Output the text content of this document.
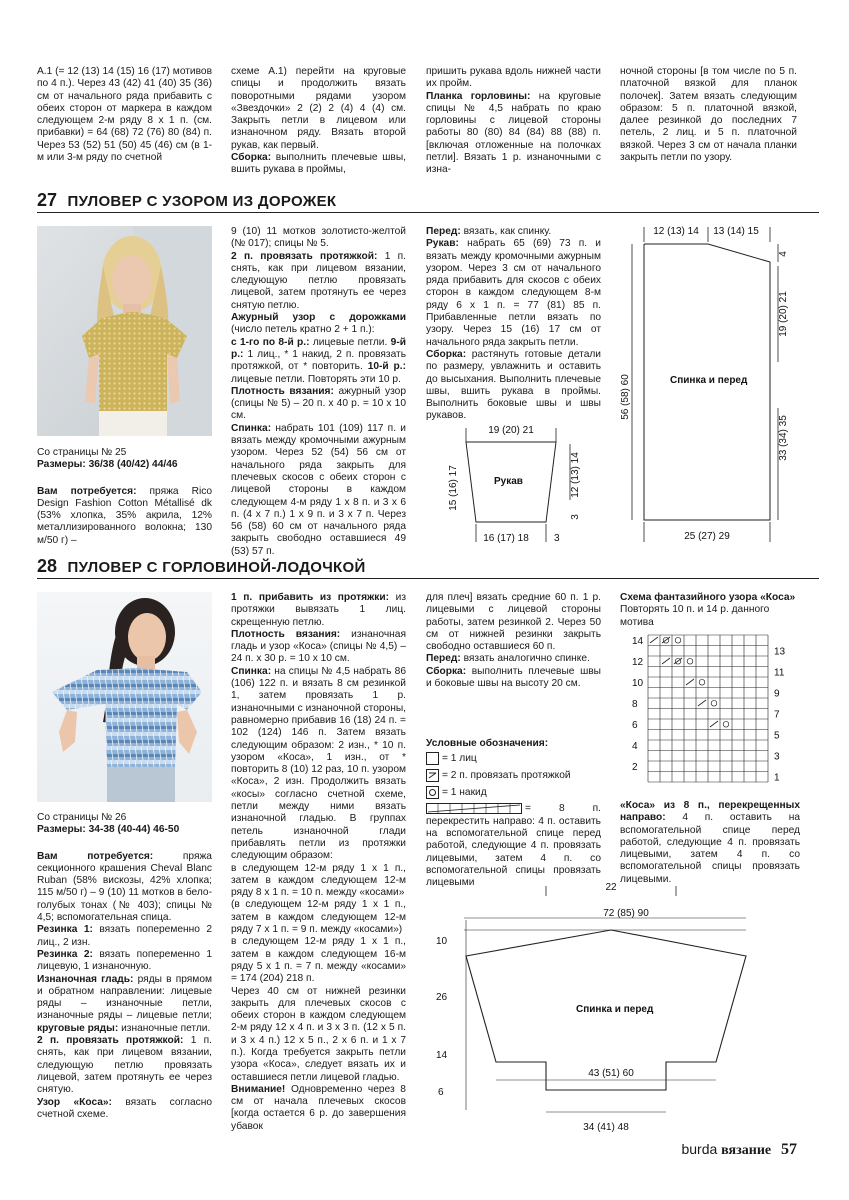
A.1 (= 12 (13) 14 (15) 16 (17) мотивов по 4 п.). Через 43 (42) 41 (40) 35 (36) см от начального ряда прибавить с обеих сторон от маркера в каждом следующем 2-м ряду 8 х 1 п. (см. прибавки) = 64 (68) 72 (76) 80 (84) п. Через 53 (52) 51 (50) 45 (46) см (в 1-м или 3-м ряду по счетной

схеме А.1) перейти на круговые спицы и продолжить вязать поворотными рядами узором «Звездочки» 2 (2) 2 (4) 4 (4) см. Закрыть петли в лицевом или изнаночном ряду. Вязать второй рукав, как первый.

Сборка: выполнить плечевые швы, вшить рукава в проймы,

пришить рукава вдоль нижней части их пройм.

Планка горловины: на круговые спицы № 4,5 набрать по краю горловины с лицевой стороны работы 80 (80) 84 (84) 88 (88) п. [включая отложенные на полочках петли]. Вязать 1 р. изнаночными с изна-

ночной стороны [в том числе по 5 п. платочной вязкой для планок полочек]. Затем вязать следующим образом: 5 п. платочной вязкой, далее резинкой до последних 7 петель, 2 лиц. и 5 п. платочной вязкой. Через 3 см от начала планки закрыть петли по узору.

27 ПУЛОВЕР С УЗОРОМ ИЗ ДОРОЖЕК

Со страницы № 25

Размеры: 36/38 (40/42) 44/46

Вам потребуется: пряжа Rico Design Fashion Cotton Métallisé dk (53% хлопка, 35% акрила, 12% металлизированного волокна; 130 м/50 г) –

9 (10) 11 мотков золотисто-желтой (№ 017); спицы № 5.

2 п. провязать протяжкой: 1 п. снять, как при лицевом вязании, следующую петлю провязать лицевой, затем протянуть ее через снятую петлю.

Ажурный узор с дорожками (число петель кратно 2 + 1 п.):

с 1-го по 8-й р.: лицевые петли. 9-й р.: 1 лиц., * 1 накид, 2 п. провязать протяжкой, от * повторить. 10-й р.: лицевые петли. Повторять эти 10 р.

Плотность вязания: ажурный узор (спицы № 5) – 20 п. x 40 р. = 10 x 10 см.

Спинка: набрать 101 (109) 117 п. и вязать между кромочными ажурным узором. Через 52 (54) 56 см от начального ряда закрыть для плечевых скосов с обеих сторон с лицевой стороны в каждом следующем 4-м ряду 1 х 8 п. и 3 х 6 п. (4 х 7 п.) 1 х 9 п. и 3 х 7 п. Через 56 (58) 60 см от начального ряда закрыть свободно оставшиеся 49 (53) 57 п.

Перед: вязать, как спинку.

Рукав: набрать 65 (69) 73 п. и вязать между кромочными ажурным узором. Через 3 см от начального ряда прибавить для скосов с обеих сторон в каждом следующем 8-м ряду 6 х 1 п. = 77 (81) 85 п. Прибавленные петли вязать по узору. Через 15 (16) 17 см от начального ряда закрыть петли.

Сборка: растянуть готовые детали по размеру, увлажнить и оставить до высыхания. Выполнить плечевые швы, вшить рукава в проймы. Выполнить боковые швы и швы рукавов.

19 (20) 21
Рукав
15 (16) 17	12 (13) 14
3
16 (17) 18	3
12 (13) 14 13 (14) 15
4
19 (20) 21
33 (34) 35
56 (58) 60	Спинка и перед
25 (27) 29
28 ПУЛОВЕР С ГОРЛОВИНОЙ-ЛОДОЧКОЙ

Со страницы № 26

Размеры: 34-38 (40-44) 46-50

Вам потребуется:	пряжа секционного крашения Cheval Blanc Ruban (58% вискозы, 42% хлопка; 115 м/50 г) – 9 (10) 11 мотков в бело-голубых тонах (№ 403); спицы № 4,5; вспомогательная спица.

Резинка 1: вязать попеременно 2 лиц., 2 изн.

Резинка 2: вязать попеременно 1 лицевую, 1 изнаночную.

Изнаночная гладь: ряды в прямом и обратном направлении: лицевые ряды – изнаночные петли, изнаночные ряды – лицевые петли; круговые ряды: изнаночные петли.

2 п. провязать протяжкой: 1 п. снять, как при лицевом вязании, следующую петлю провязать лицевой, затем протянуть ее через снятую.

Узор «Коса»: вязать согласно счетной схеме.

1 п. прибавить из протяжки: из протяжки вывязать 1 лиц. скрещенную петлю.

Плотность вязания: изнаночная гладь и узор «Коса» (спицы № 4,5) – 24 п. x 30 р. = 10 x 10 см.

Спинка: на спицы № 4,5 набрать 86 (106) 122 п. и вязать 8 см резинкой 1, затем провязать 1 р. изнаночными с изнаночной стороны, равномерно прибавив 16 (18) 24 п. = 102 (124) 146 п. Затем вязать следующим образом: 2 изн., * 10 п. узором «Коса», 1 изн., от * повторить 8 (10) 12 раз, 10 п. узором «Коса», 2 изн. Продолжить вязать «косы» согласно счетной схеме, петли между ними вязать изнаночной гладью. В группах петель изнаночной глади прибавлять петли из протяжки следующим образом:

в следующем 12-м ряду 1 х 1 п., затем в каждом следующем 12-м ряду 8 х 1 п. = 10 п. между «косами»

(в следующем 12-м ряду 1 х 1 п., затем в каждом следующем 12-м ряду 7 х 1 п. = 9 п. между «косами»)

в следующем 12-м ряду 1 х 1 п., затем в каждом следующем 16-м ряду 5 х 1 п. = 7 п. между «косами» = 174 (204) 218 п.

Через 40 см от нижней резинки закрыть для плечевых скосов с обеих сторон в каждом следующем 2-м ряду 12 х 4 п. и 3 х 3 п. (12 х 5 п. и 3 х 4 п.) 12 х 5 п., 2 х 6 п. и 1 х 7 п.). Когда требуется закрыть петли узора «Коса», следует вязать их и оставшиеся петли лицевой гладью.

Внимание! Одновременно через 8 см от начала плечевых скосов [когда остается 6 р. до завершения убавок

для плеч] вязать средние 60 п. 1 р. лицевыми с лицевой стороны работы, затем резинкой 2. Через 50 см от нижней резинки закрыть свободно оставшиеся 60 п.

Перед: вязать аналогично спинке.

Сборка: выполнить плечевые швы и боковые швы на высоту 20 см.

Условные обозначения:

= 1 лиц
= 2 п. провязать протяжкой
= 1 накид
= 8 п. перекрестить направо: 4 п. оставить на вспомогательной спице перед работой, следующие 4 п. провязать лицевыми, затем 4 п. со вспомогательной спицы провязать лицевыми

Схема фантазийного узора «Коса»

Повторять 10 п. и 14 р. данного мотива

14
12
10
8
6
4
2
13
11
9
7
5
3
1

«Коса» из 8 п., перекрещенных направо: 4 п. оставить на вспомогательной спице перед работой, следующие 4 п. провязать лицевыми, затем 4 п. со вспомогательной спицы провязать лицевыми.

22
72 (85) 90
10
26
14
6
Спинка и перед
43 (51) 60
34 (41) 48
burda вязание 57
